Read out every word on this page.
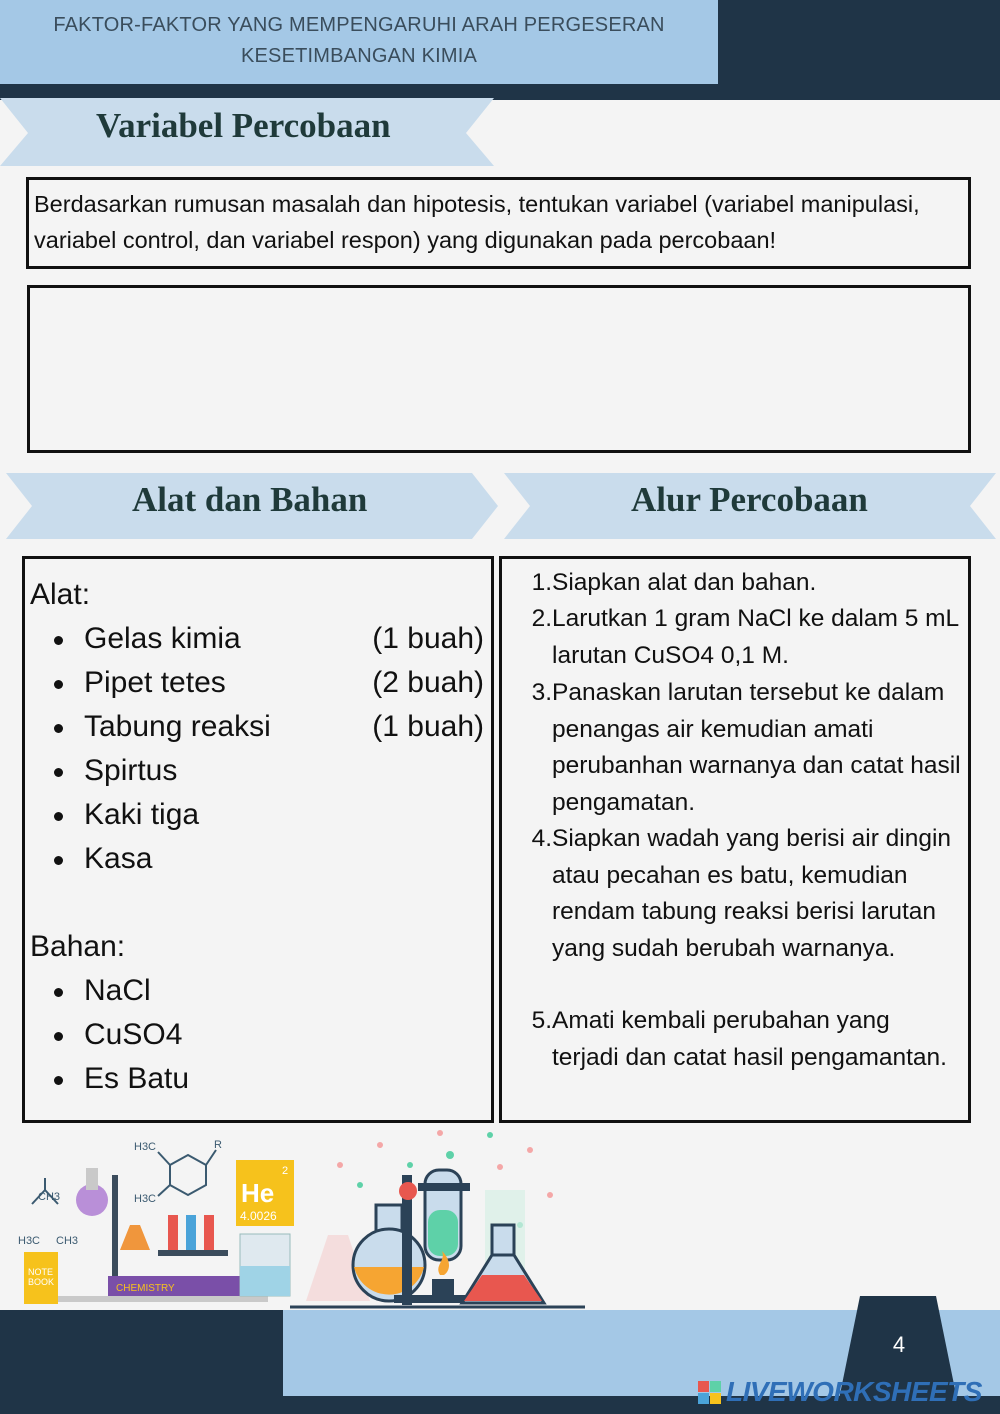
FAKTOR-FAKTOR YANG MEMPENGARUHI ARAH PERGESERAN
KESETIMBANGAN KIMIA
Variabel Percobaan
Alat dan Bahan	Alur Percobaan
Berdasarkan rumusan masalah dan hipotesis, tentukan variabel (variabel manipulasi, variabel control, dan variabel respon) yang digunakan pada percobaan!
Alat:
Gelas kimia	(1 buah)
Pipet tetes	(2 buah)
Tabung reaksi	(1 buah)
Spirtus
Kaki tiga
Kasa
Bahan:
NaCl
CuSO4
Es Batu
1. Siapkan alat dan bahan.
2. Larutkan 1 gram NaCl ke dalam 5 mL larutan CuSO4 0,1 M.
3. Panaskan larutan tersebut ke dalam penangas air kemudian amati perubanhan warnanya dan catat hasil pengamatan.
4. Siapkan wadah yang berisi air dingin atau pecahan es batu, kemudian rendam tabung reaksi berisi larutan yang sudah berubah warnanya.
5. Amati kembali perubahan yang terjadi dan catat hasil pengamantan.
H3C	R
H3C
CH3
H3C CH3
2
He
4.0026
NOTE
BOOK
CHEMISTRY
4
LIVEWORKSHEETS
